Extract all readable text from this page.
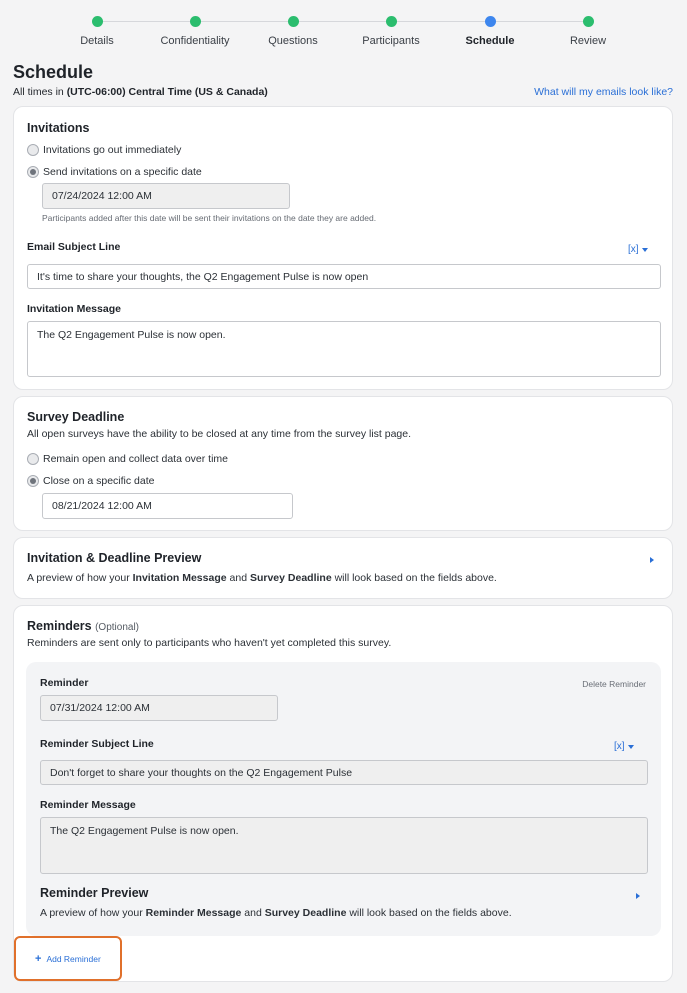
Details	Confidentiality	Questions	Participants	Schedule	Review
Schedule
All times in (UTC-06:00) Central Time (US & Canada)	What will my emails look like?
Invitations
Invitations go out immediately
Send invitations on a specific date
07/24/2024 12:00 AM
Participants added after this date will be sent their invitations on the date they are added.
Email Subject Line	[x]
It's time to share your thoughts, the Q2 Engagement Pulse is now open
Invitation Message
The Q2 Engagement Pulse is now open.
Survey Deadline
All open surveys have the ability to be closed at any time from the survey list page.
Remain open and collect data over time
Close on a specific date
08/21/2024 12:00 AM
Invitation & Deadline Preview
A preview of how your Invitation Message and Survey Deadline will look based on the fields above.
Reminders (Optional)
Reminders are sent only to participants who haven't yet completed this survey.
Reminder	Delete Reminder
07/31/2024 12:00 AM
Reminder Subject Line	[x]
Don't forget to share your thoughts on the Q2 Engagement Pulse
Reminder Message
The Q2 Engagement Pulse is now open.
Reminder Preview
A preview of how your Reminder Message and Survey Deadline will look based on the fields above.
+ Add Reminder
